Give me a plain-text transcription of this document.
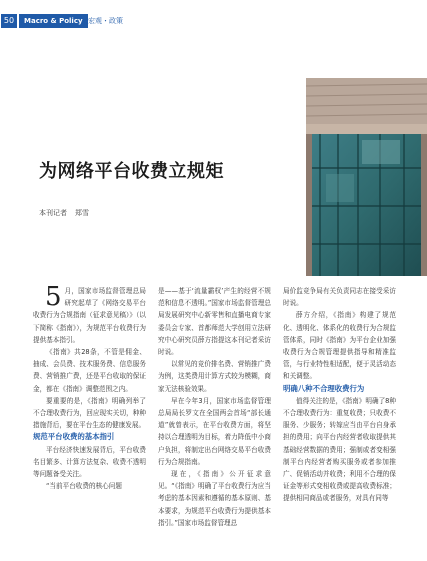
50	Macro & Policy 宏观・政策
为网络平台收费立规矩
本刊记者 郑雪

5 月，国家市场监督管理总局研究起草了《网络交易平台收费行为合规指南（征求意见稿）》（以下简称《指南》），为规范平台收费行为提供基本指引。

《指南》共28条，不管是佣金、抽成、会员费、技术服务费、信息服务费、营销推广费，还是平台收取的保证金，都在《指南》调整范围之内。

要重要的是，《指南》明确列举了不合理收费行为，回应现实关切，种种措施背后，要在平台生态的健康发展。

规范平台收费的基本指引

平台经济快速发展背后，平台收费名目繁多、计算方法复杂、收费不透明等问题备受关注。

“当前平台收费的核心问题

是——基于‘流量霸权’产生的经营不规范和信息不透明。”国家市场监督管理总局发展研究中心新零售和直播电商专家委员会专家、首都师范大学创用立法研究中心研究员薛方指提这本刊记者采访时说。

以常见的竞价排名费、营销推广费为例，这类费用计算方式较为模糊，商家无法核验效果。

早在今年3月，国家市场监督管理总局局长罗文在全国两会首场“部长通道”就曾表示，在平台收费方面，将坚持以合理透明为目标，着力降低中小商户负担，将制定出台网络交易平台收费行为合规指南。

现在，《指南》公开征求意见。“《指南》明确了平台收费行为应当考虑的基本因素和遵循的基本原则、基本要求，为规范平台收费行为提供基本指引。”国家市场监督管理总

局价监竞争局有关负责同志在接受采访时说。

薛方介绍，《指南》构建了规范化、透明化、体系化的收费行为合规监管体系，同时《指南》为平台企业加强收费行为合规管理提供指导和精准监管，与行业特性相适配，便于灵活动态和关调整。

明确八种不合理收费行为

值得关注的是，《指南》明确了8种不合理收费行为：重复收费；只收费不服务、少服务；转嫁应当由平台自身承担的费用；向平台内经营者收取提供其基础经营数据的费用；强制或者变相强制平台内经营者购买服务或者参加推广、促销活动并收费；利用不合理的保证金等形式变相收费或提高收费标准；提供相同商品或者服务，对具有同等
